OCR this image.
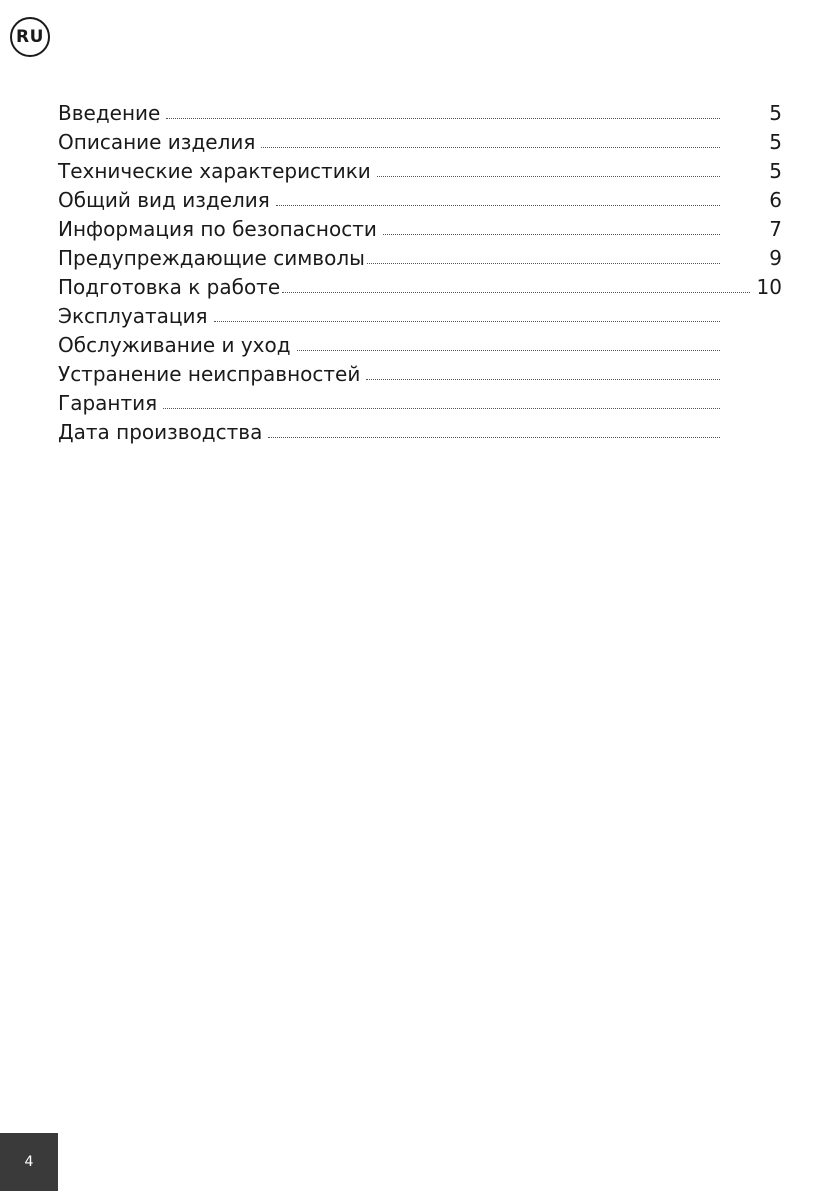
RU
Введение	5
Описание изделия	5
Технические характеристики	5
Общий вид изделия	6
Информация по безопасности	7
Предупреждающие символы	9
Подготовка к работе	10
Эксплуатация
Обслуживание и уход
Устранение неисправностей
Гарантия
Дата производства
4
